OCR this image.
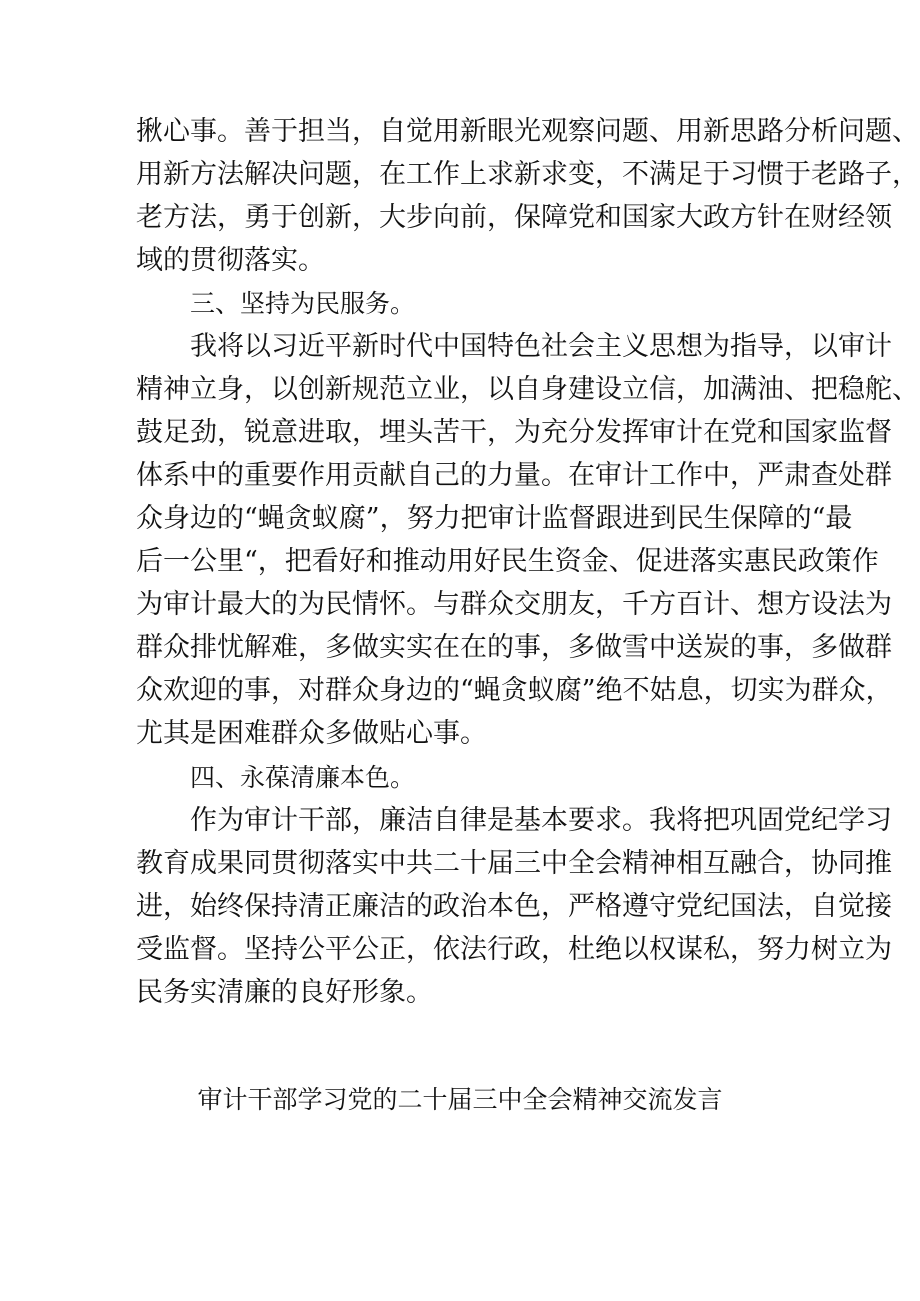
揪心事。善于担当，自觉用新眼光观察问题、用新思路分析问题、
用新方法解决问题，在工作上求新求变，不满足于习惯于老路子，
老方法，勇于创新，大步向前，保障党和国家大政方针在财经领
域的贯彻落实。
三、坚持为民服务。
我将以习近平新时代中国特色社会主义思想为指导，以审计
精神立身，以创新规范立业，以自身建设立信，加满油、把稳舵、
鼓足劲，锐意进取，埋头苦干，为充分发挥审计在党和国家监督
体系中的重要作用贡献自己的力量。在审计工作中，严肃查处群
众身边的“蝇贪蚁腐”，努力把审计监督跟进到民生保障的“最
后一公里“，把看好和推动用好民生资金、促进落实惠民政策作
为审计最大的为民情怀。与群众交朋友，千方百计、想方设法为
群众排忧解难，多做实实在在的事，多做雪中送炭的事，多做群
众欢迎的事，对群众身边的“蝇贪蚁腐”绝不姑息，切实为群众，
尤其是困难群众多做贴心事。
四、永葆清廉本色。
作为审计干部，廉洁自律是基本要求。我将把巩固党纪学习
教育成果同贯彻落实中共二十届三中全会精神相互融合，协同推
进，始终保持清正廉洁的政治本色，严格遵守党纪国法，自觉接
受监督。坚持公平公正，依法行政，杜绝以权谋私，努力树立为
民务实清廉的良好形象。
审计干部学习党的二十届三中全会精神交流发言
